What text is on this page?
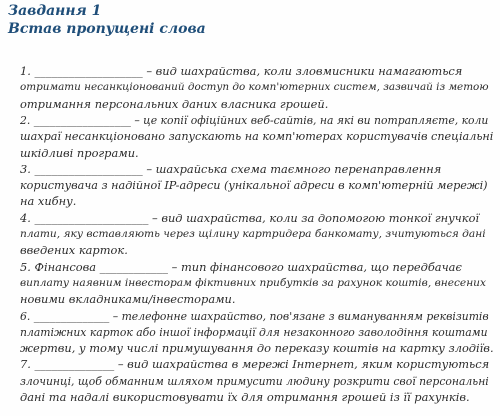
Завдання 1
Встав пропущені слова
1. ___________________ – вид шахрайства, коли зловмисники намагаються
отримати несанкціонований доступ до комп'ютерних систем, зазвичай із метою
отримання персональних даних власника грошей.
2. __________________ – це копії офіційних веб-сайтів, на які ви потрапляєте, коли
шахраї несанкціоновано запускають на комп'ютерах користувачів спеціальні
шкідливі програми.
3. ___________________ – шахрайська схема таємного перенаправлення
користувача з надійної IP-адреси (унікальної адреси в комп'ютерній мережі)
на хибну.
4. ____________________ – вид шахрайства, коли за допомогою тонкої гнучкої
плати, яку вставляють через щілину картридера банкомату, зчитуються дані
введених карток.
5. Фінансова ____________ – тип фінансового шахрайства, що передбачає
виплату наявним інвесторам фіктивних прибутків за рахунок коштів, внесених
новими вкладниками/інвесторами.
6. ______________ – телефонне шахрайство, пов'язане з вимануванням реквізитів
платіжних карток або іншої інформації для незаконного заволодіння коштами
жертви, у тому числі примушування до переказу коштів на картку злодіїв.
7. ______________ – вид шахрайства в мережі Інтернет, яким користуються
злочинці, щоб обманним шляхом примусити людину розкрити свої персональні
дані та надалі використовувати їх для отримання грошей із її рахунків.
